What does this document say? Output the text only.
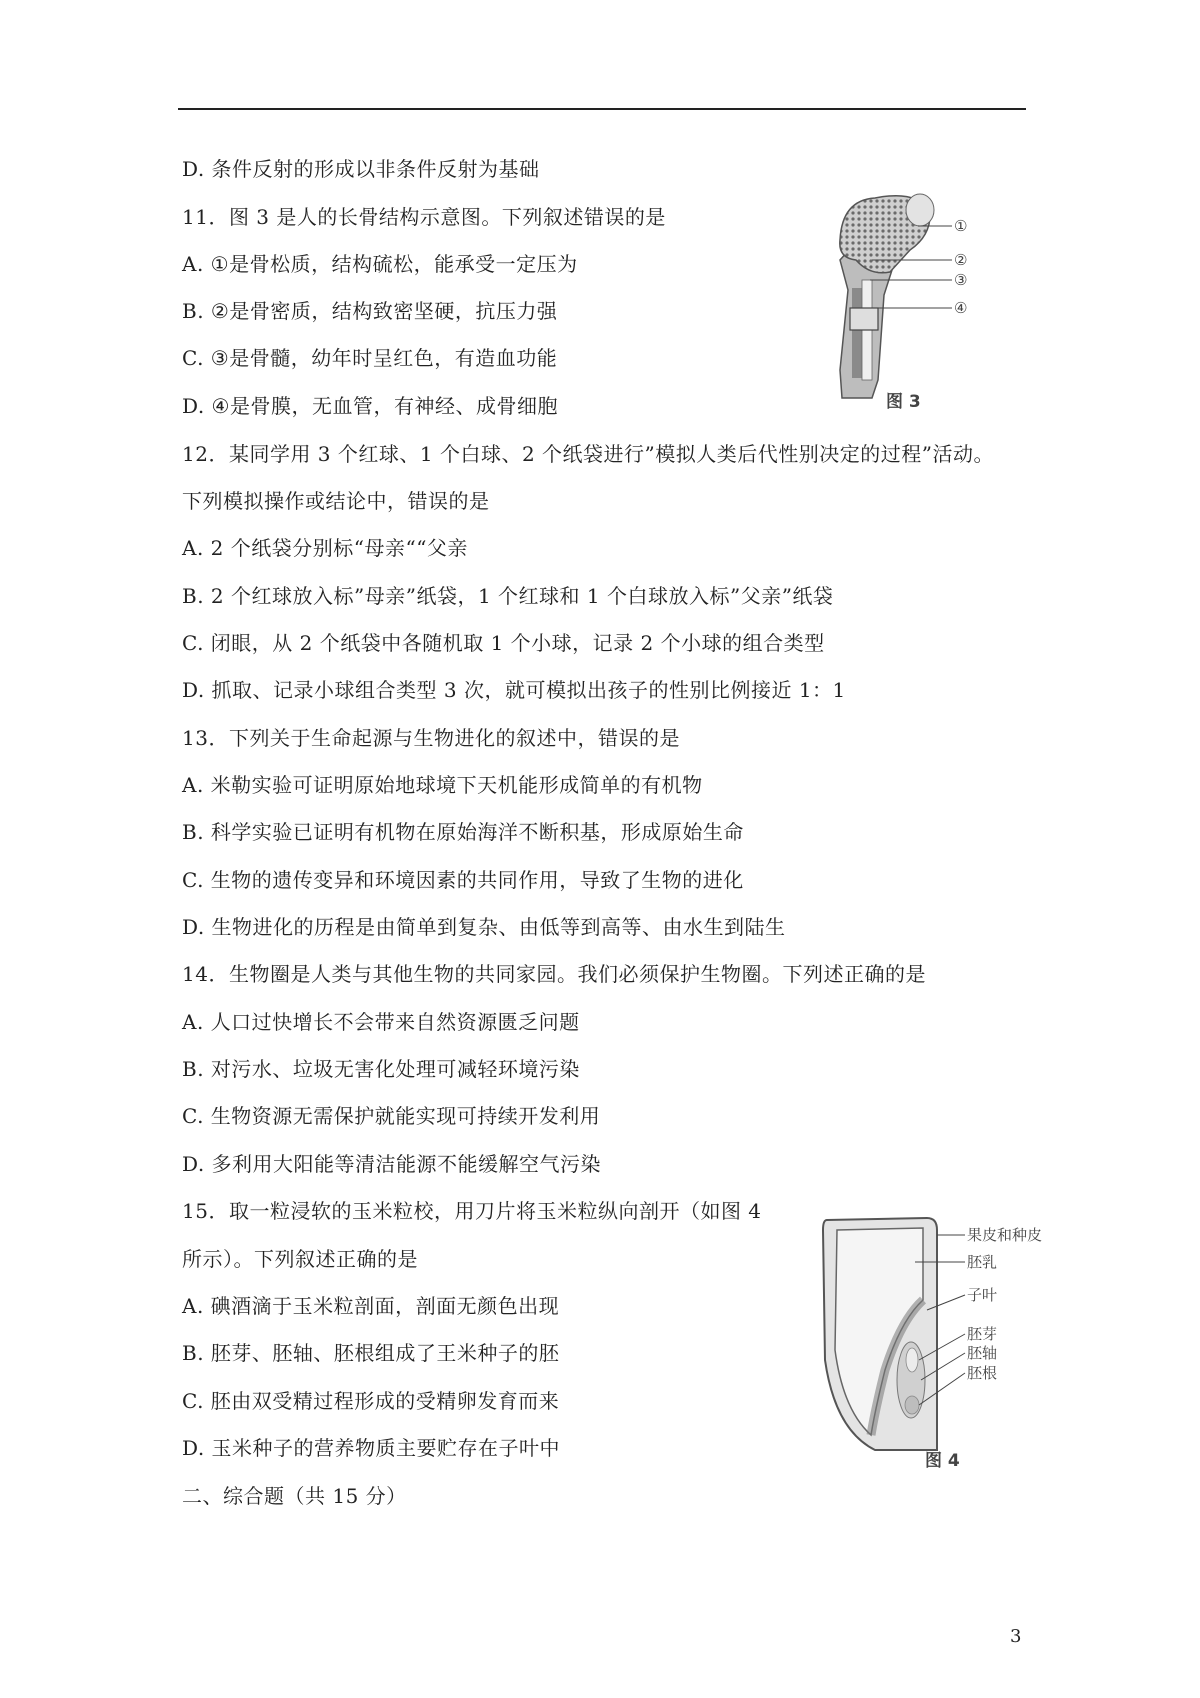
D. 条件反射的形成以非条件反射为基础
11．图 3 是人的长骨结构示意图。下列叙述错误的是
A. ①是骨松质，结构硫松，能承受一定压为
B. ②是骨密质，结构致密坚硬，抗压力强
C. ③是骨髓，幼年时呈红色，有造血功能
D. ④是骨膜，无血管，有神经、成骨细胞
12．某同学用 3 个红球、1 个白球、2 个纸袋进行”模拟人类后代性别决定的过程”活动。
下列模拟操作或结论中，错误的是
A. 2 个纸袋分别标“母亲““父亲
B. 2 个红球放入标”母亲”纸袋，1 个红球和 1 个白球放入标”父亲”纸袋
C. 闭眼，从 2 个纸袋中各随机取 1 个小球，记录 2 个小球的组合类型
D. 抓取、记录小球组合类型 3 次，就可模拟出孩子的性别比例接近 1：1
13．下列关于生命起源与生物进化的叙述中，错误的是
A. 米勒实验可证明原始地球境下天机能形成简单的有机物
B. 科学实验已证明有机物在原始海洋不断积基，形成原始生命
C. 生物的遗传变异和环境因素的共同作用，导致了生物的进化
D. 生物进化的历程是由简单到复杂、由低等到高等、由水生到陆生
14．生物圈是人类与其他生物的共同家园。我们必须保护生物圈。下列述正确的是
A. 人口过快增长不会带来自然资源匮乏问题
B. 对污水、垃圾无害化处理可减轻环境污染
C. 生物资源无需保护就能实现可持续开发利用
D. 多利用大阳能等清洁能源不能缓解空气污染
15．取一粒浸软的玉米粒校，用刀片将玉米粒纵向剖开（如图 4
所示）。下列叙述正确的是
A. 碘酒滴于玉米粒剖面，剖面无颜色出现
B. 胚芽、胚轴、胚根组成了王米种子的胚
C. 胚由双受精过程形成的受精卵发育而来
D. 玉米种子的营养物质主要贮存在子叶中
二、综合题（共 15 分）
①
②
③
④
图 3
果皮和种皮
胚乳
子叶
胚芽
胚轴
胚根
图 4
3
